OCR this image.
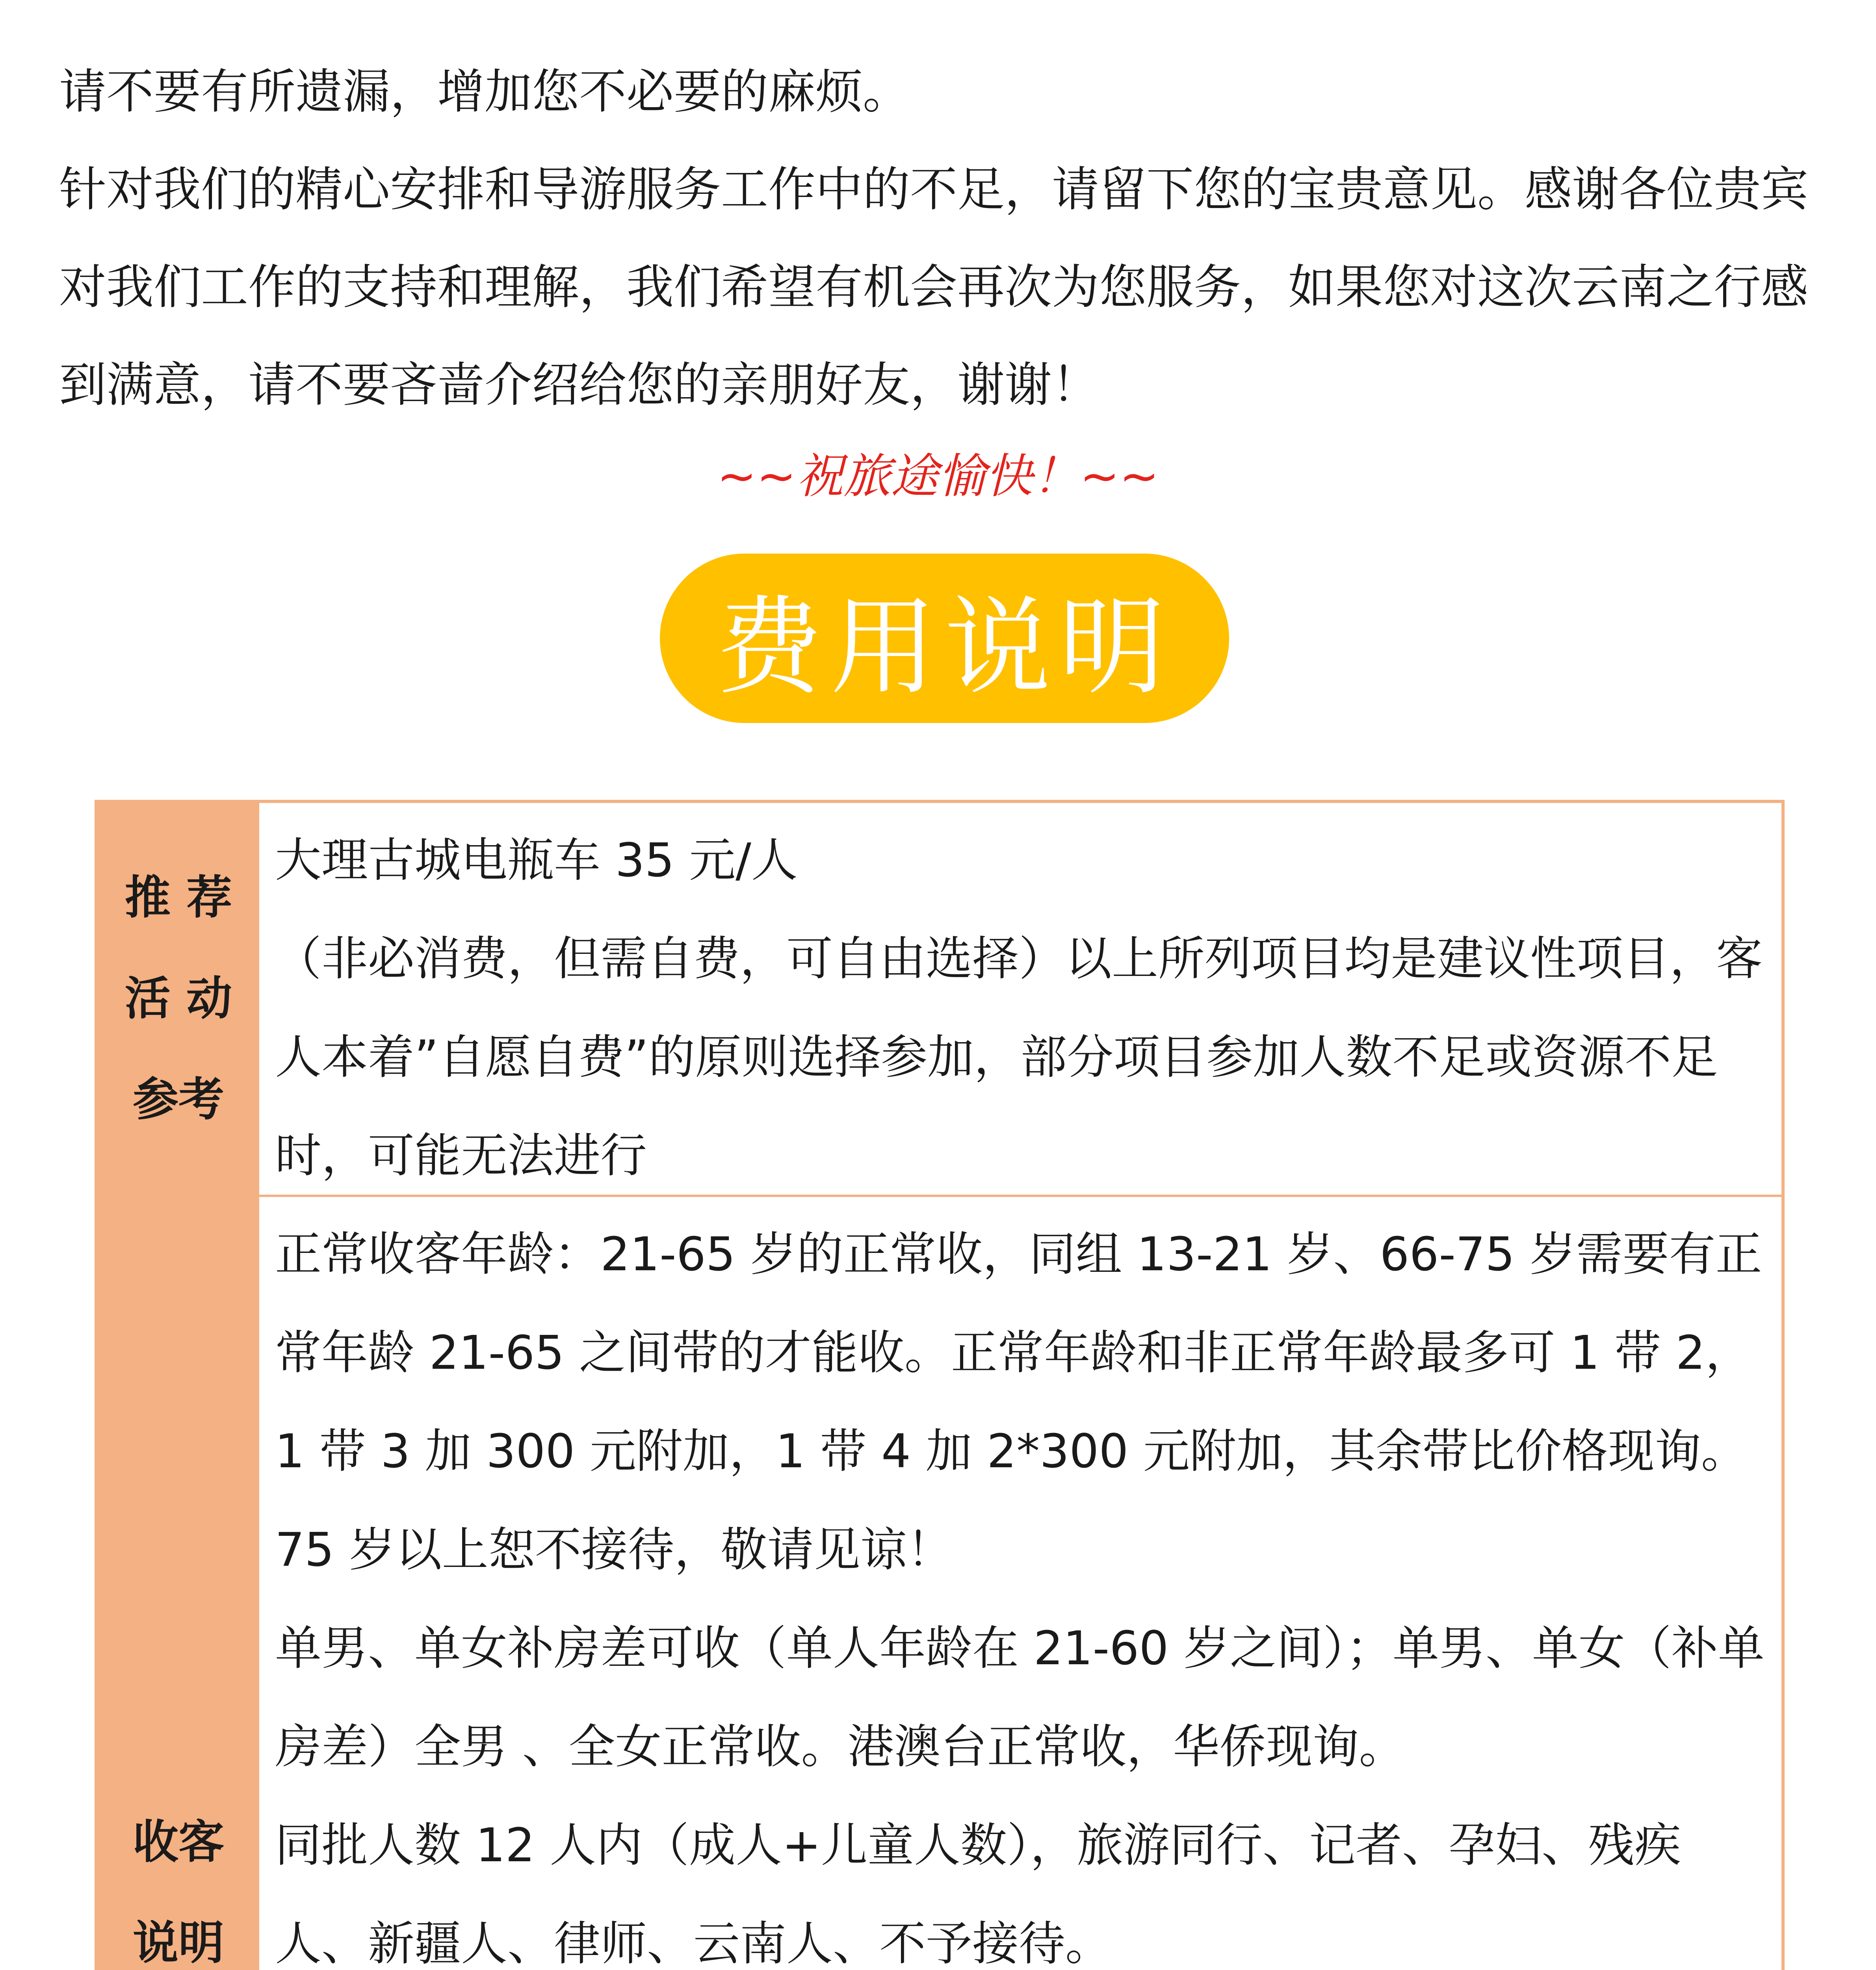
请不要有所遗漏，增加您不必要的麻烦。

针对我们的精心安排和导游服务工作中的不足，请留下您的宝贵意见。感谢各位贵宾对我们工作的支持和理解，我们希望有机会再次为您服务，如果您对这次云南之行感到满意，请不要吝啬介绍给您的亲朋好友，谢谢！

~~祝旅途愉快！~~
费用说明
推 荐
活 动
参考

大理古城电瓶车 35 元/人

（非必消费，但需自费，可自由选择）以上所列项目均是建议性项目，客人本着”自愿自费”的原则选择参加，部分项目参加人数不足或资源不足时，可能无法进行

收客
说明

正常收客年龄：21-65 岁的正常收，同组 13-21 岁、66-75 岁需要有正常年龄 21-65 之间带的才能收。正常年龄和非正常年龄最多可 1 带 2，1 带 3 加 300 元附加，1 带 4 加 2*300 元附加，其余带比价格现询。75 岁以上恕不接待，敬请见谅！

单男、单女补房差可收（单人年龄在 21-60 岁之间）；单男、单女（补单房差）全男 、全女正常收。港澳台正常收，华侨现询。

同批人数 12 人内（成人+儿童人数），旅游同行、记者、孕妇、残疾人、新疆人、律师、云南人、不予接待。
